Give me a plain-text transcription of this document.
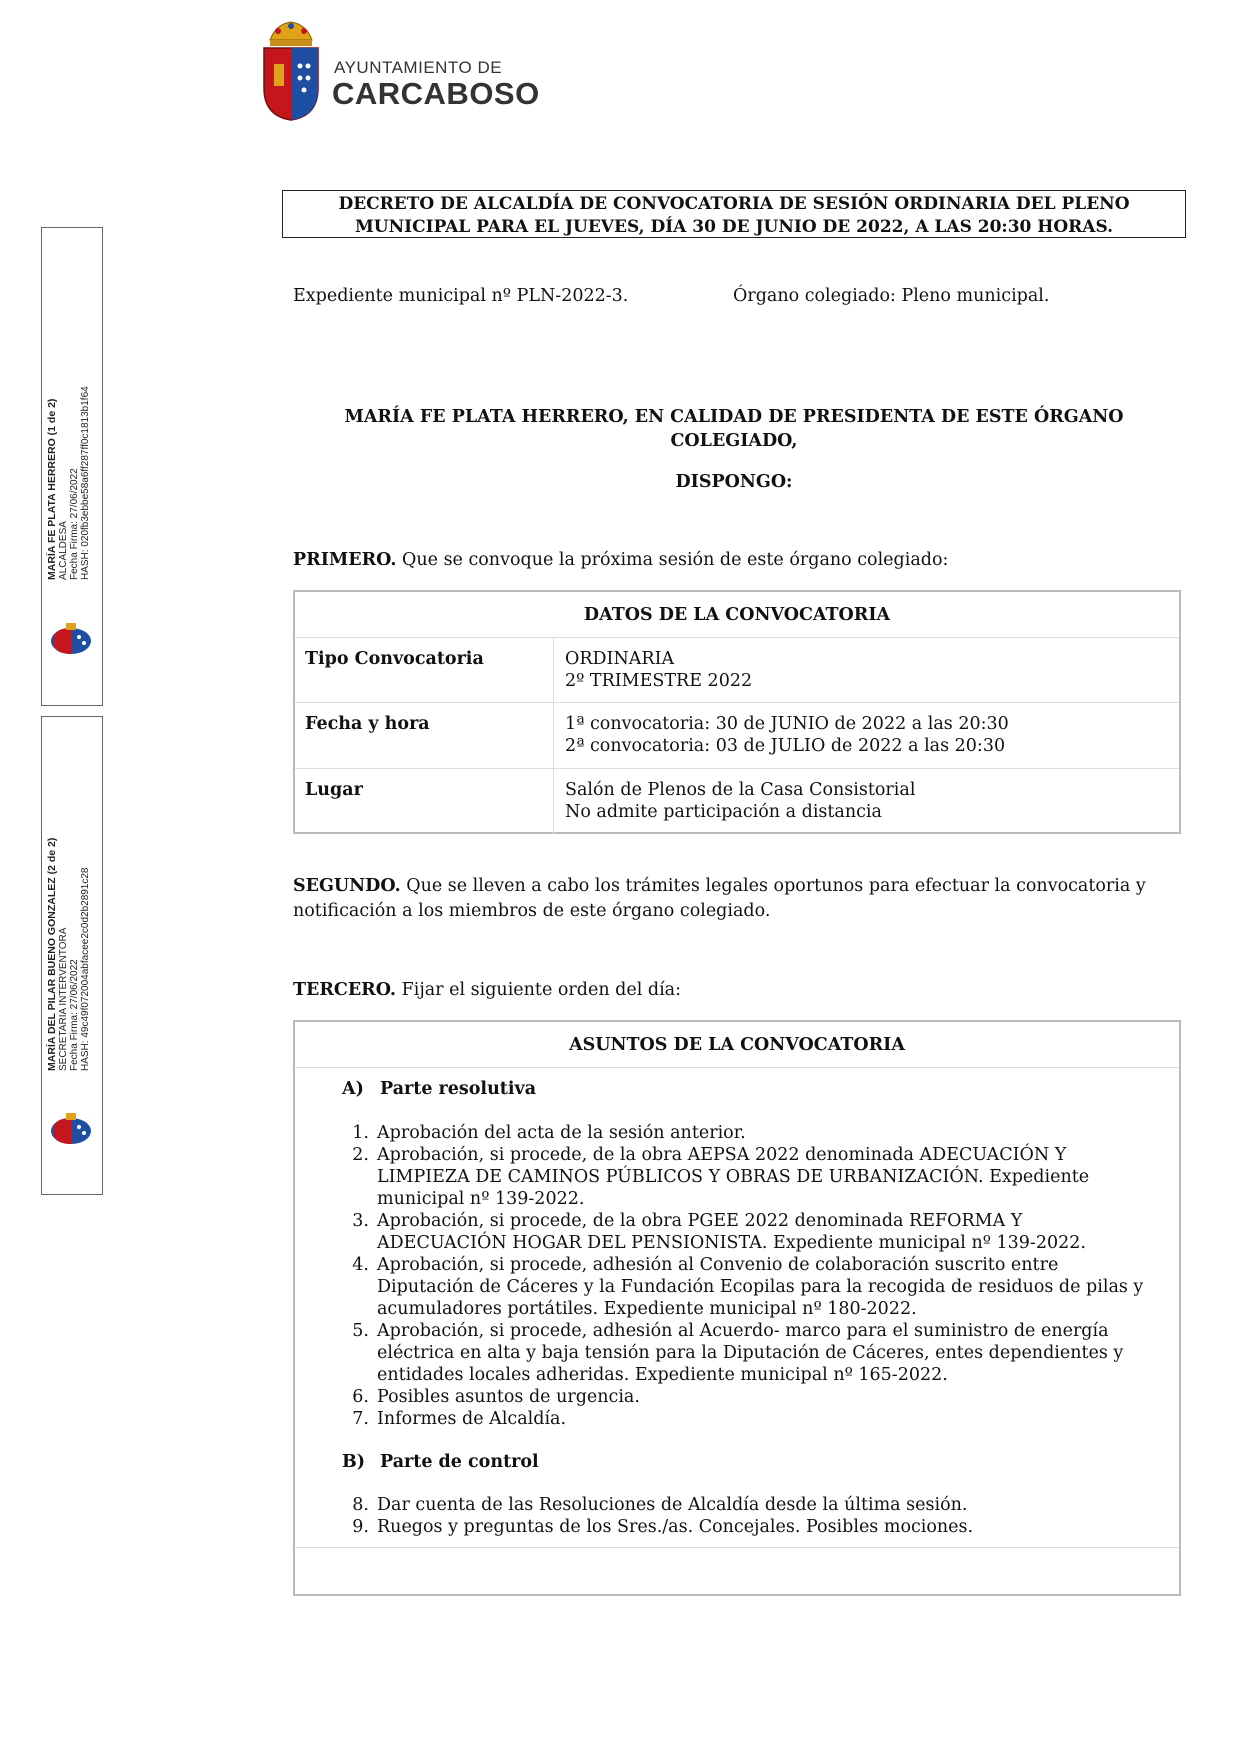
AYUNTAMIENTO DE
CARCABOSO
MARÍA FE PLATA HERRERO (1 de 2)
ALCALDESA
Fecha Firma: 27/06/2022
HASH: 020fb3ebbe58a6ff287ff0c1813b1f64
MARÍA DEL PILAR BUENO GONZALEZ (2 de 2)
SECRETARIA INTERVENTORA
Fecha Firma: 27/06/2022
HASH: 49c49f072004abfacee2c0d2b2891c28
DECRETO DE ALCALDÍA DE CONVOCATORIA DE SESIÓN ORDINARIA DEL PLENO
MUNICIPAL PARA EL JUEVES, DÍA 30 DE JUNIO DE 2022, A LAS 20:30 HORAS.
Expediente municipal nº PLN-2022-3.	Órgano colegiado: Pleno municipal.
MARÍA FE PLATA HERRERO, EN CALIDAD DE PRESIDENTA DE ESTE ÓRGANO
COLEGIADO,
DISPONGO:
PRIMERO. Que se convoque la próxima sesión de este órgano colegiado:
DATOS DE LA CONVOCATORIA
Tipo Convocatoria	ORDINARIA
2º TRIMESTRE 2022
Fecha y hora	1ª convocatoria: 30 de JUNIO de 2022 a las 20:30
2ª convocatoria: 03 de JULIO de 2022 a las 20:30
Lugar	Salón de Plenos de la Casa Consistorial
No admite participación a distancia
SEGUNDO. Que se lleven a cabo los trámites legales oportunos para efectuar la convocatoria y
notificación a los miembros de este órgano colegiado.
TERCERO. Fijar el siguiente orden del día:
ASUNTOS DE LA CONVOCATORIA
A) Parte resolutiva
1. Aprobación del acta de la sesión anterior.
2. Aprobación, si procede, de la obra AEPSA 2022 denominada ADECUACIÓN Y
LIMPIEZA DE CAMINOS PÚBLICOS Y OBRAS DE URBANIZACIÓN. Expediente
municipal nº 139-2022.
3. Aprobación, si procede, de la obra PGEE 2022 denominada REFORMA Y
ADECUACIÓN HOGAR DEL PENSIONISTA. Expediente municipal nº 139-2022.
4. Aprobación, si procede, adhesión al Convenio de colaboración suscrito entre
Diputación de Cáceres y la Fundación Ecopilas para la recogida de residuos de pilas y
acumuladores portátiles. Expediente municipal nº 180-2022.
5. Aprobación, si procede, adhesión al Acuerdo- marco para el suministro de energía
eléctrica en alta y baja tensión para la Diputación de Cáceres, entes dependientes y
entidades locales adheridas. Expediente municipal nº 165-2022.
6. Posibles asuntos de urgencia.
7. Informes de Alcaldía.
B) Parte de control
8. Dar cuenta de las Resoluciones de Alcaldía desde la última sesión.
9. Ruegos y preguntas de los Sres./as. Concejales. Posibles mociones.
